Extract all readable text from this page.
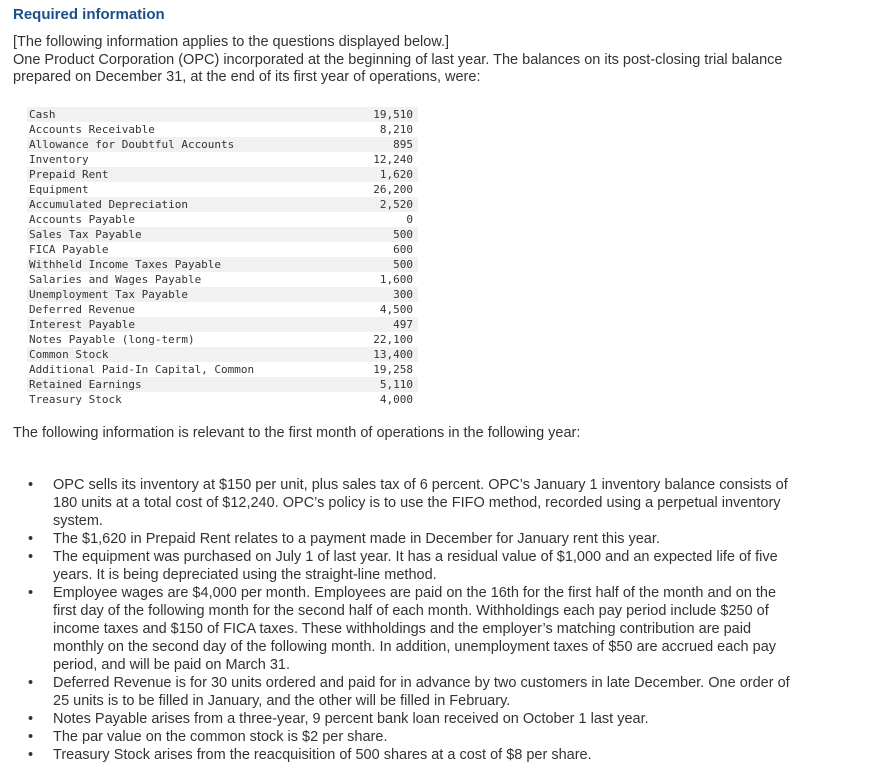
Required information
[The following information applies to the questions displayed below.]
One Product Corporation (OPC) incorporated at the beginning of last year. The balances on its post-closing trial balance
prepared on December 31, at the end of its first year of operations, were:
Cash	19,510
Accounts Receivable	8,210
Allowance for Doubtful Accounts	895
Inventory	12,240
Prepaid Rent	1,620
Equipment	26,200
Accumulated Depreciation	2,520
Accounts Payable	0
Sales Tax Payable	500
FICA Payable	600
Withheld Income Taxes Payable	500
Salaries and Wages Payable	1,600
Unemployment Tax Payable	300
Deferred Revenue	4,500
Interest Payable	497
Notes Payable (long-term)	22,100
Common Stock	13,400
Additional Paid-In Capital, Common	19,258
Retained Earnings	5,110
Treasury Stock	4,000
The following information is relevant to the first month of operations in the following year:
• OPC sells its inventory at $150 per unit, plus sales tax of 6 percent. OPC’s January 1 inventory balance consists of
180 units at a total cost of $12,240. OPC’s policy is to use the FIFO method, recorded using a perpetual inventory
system.
• The $1,620 in Prepaid Rent relates to a payment made in December for January rent this year.
• The equipment was purchased on July 1 of last year. It has a residual value of $1,000 and an expected life of five
years. It is being depreciated using the straight-line method.
• Employee wages are $4,000 per month. Employees are paid on the 16th for the first half of the month and on the
first day of the following month for the second half of each month. Withholdings each pay period include $250 of
income taxes and $150 of FICA taxes. These withholdings and the employer’s matching contribution are paid
monthly on the second day of the following month. In addition, unemployment taxes of $50 are accrued each pay
period, and will be paid on March 31.
• Deferred Revenue is for 30 units ordered and paid for in advance by two customers in late December. One order of
25 units is to be filled in January, and the other will be filled in February.
• Notes Payable arises from a three-year, 9 percent bank loan received on October 1 last year.
• The par value on the common stock is $2 per share.
• Treasury Stock arises from the reacquisition of 500 shares at a cost of $8 per share.
